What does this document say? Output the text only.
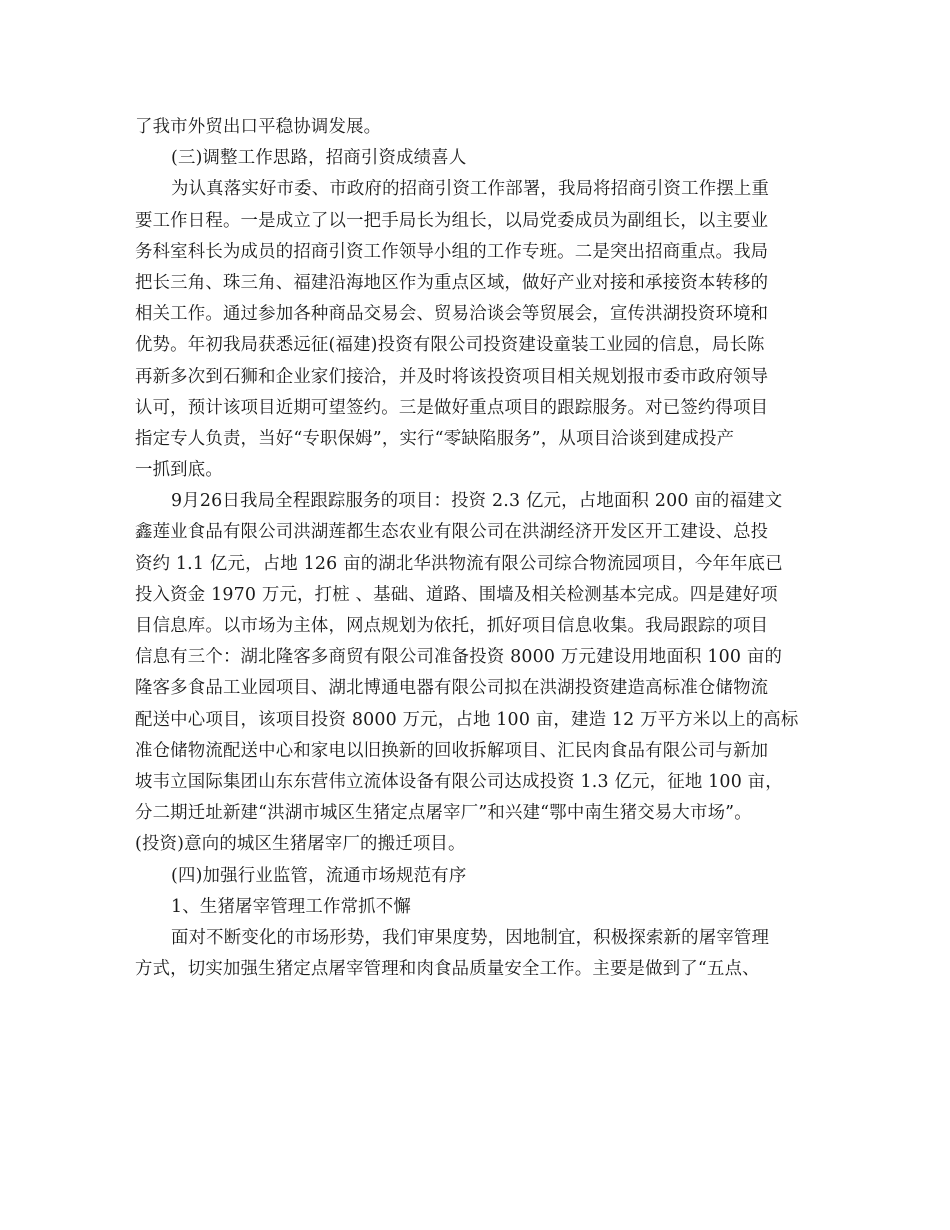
了我市外贸出口平稳协调发展。
(三)调整工作思路，招商引资成绩喜人
为认真落实好市委、市政府的招商引资工作部署，我局将招商引资工作摆上重
要工作日程。一是成立了以一把手局长为组长，以局党委成员为副组长，以主要业
务科室科长为成员的招商引资工作领导小组的工作专班。二是突出招商重点。我局
把长三角、珠三角、福建沿海地区作为重点区域，做好产业对接和承接资本转移的
相关工作。通过参加各种商品交易会、贸易洽谈会等贸展会，宣传洪湖投资环境和
优势。年初我局获悉远征(福建)投资有限公司投资建设童装工业园的信息，局长陈
再新多次到石狮和企业家们接洽，并及时将该投资项目相关规划报市委市政府领导
认可，预计该项目近期可望签约。三是做好重点项目的跟踪服务。对已签约得项目
指定专人负责，当好“专职保姆”，实行“零缺陷服务”，从项目洽谈到建成投产
一抓到底。
9月26日我局全程跟踪服务的项目：投资 2.3 亿元，占地面积 200 亩的福建文
鑫莲业食品有限公司洪湖莲都生态农业有限公司在洪湖经济开发区开工建设、总投
资约 1.1 亿元，占地 126 亩的湖北华洪物流有限公司综合物流园项目，今年年底已
投入资金 1970 万元，打桩 、基础、道路、围墙及相关检测基本完成。四是建好项
目信息库。以市场为主体，网点规划为依托，抓好项目信息收集。我局跟踪的项目
信息有三个：湖北隆客多商贸有限公司准备投资 8000 万元建设用地面积 100 亩的
隆客多食品工业园项目、湖北博通电器有限公司拟在洪湖投资建造高标准仓储物流
配送中心项目，该项目投资 8000 万元，占地 100 亩，建造 12 万平方米以上的高标
准仓储物流配送中心和家电以旧换新的回收拆解项目、汇民肉食品有限公司与新加
坡韦立国际集团山东东营伟立流体设备有限公司达成投资 1.3 亿元，征地 100 亩，
分二期迁址新建“洪湖市城区生猪定点屠宰厂”和兴建“鄂中南生猪交易大市场”。
(投资)意向的城区生猪屠宰厂的搬迁项目。
(四)加强行业监管，流通市场规范有序
1、生猪屠宰管理工作常抓不懈
面对不断变化的市场形势，我们审果度势，因地制宜，积极探索新的屠宰管理
方式，切实加强生猪定点屠宰管理和肉食品质量安全工作。主要是做到了“五点、
